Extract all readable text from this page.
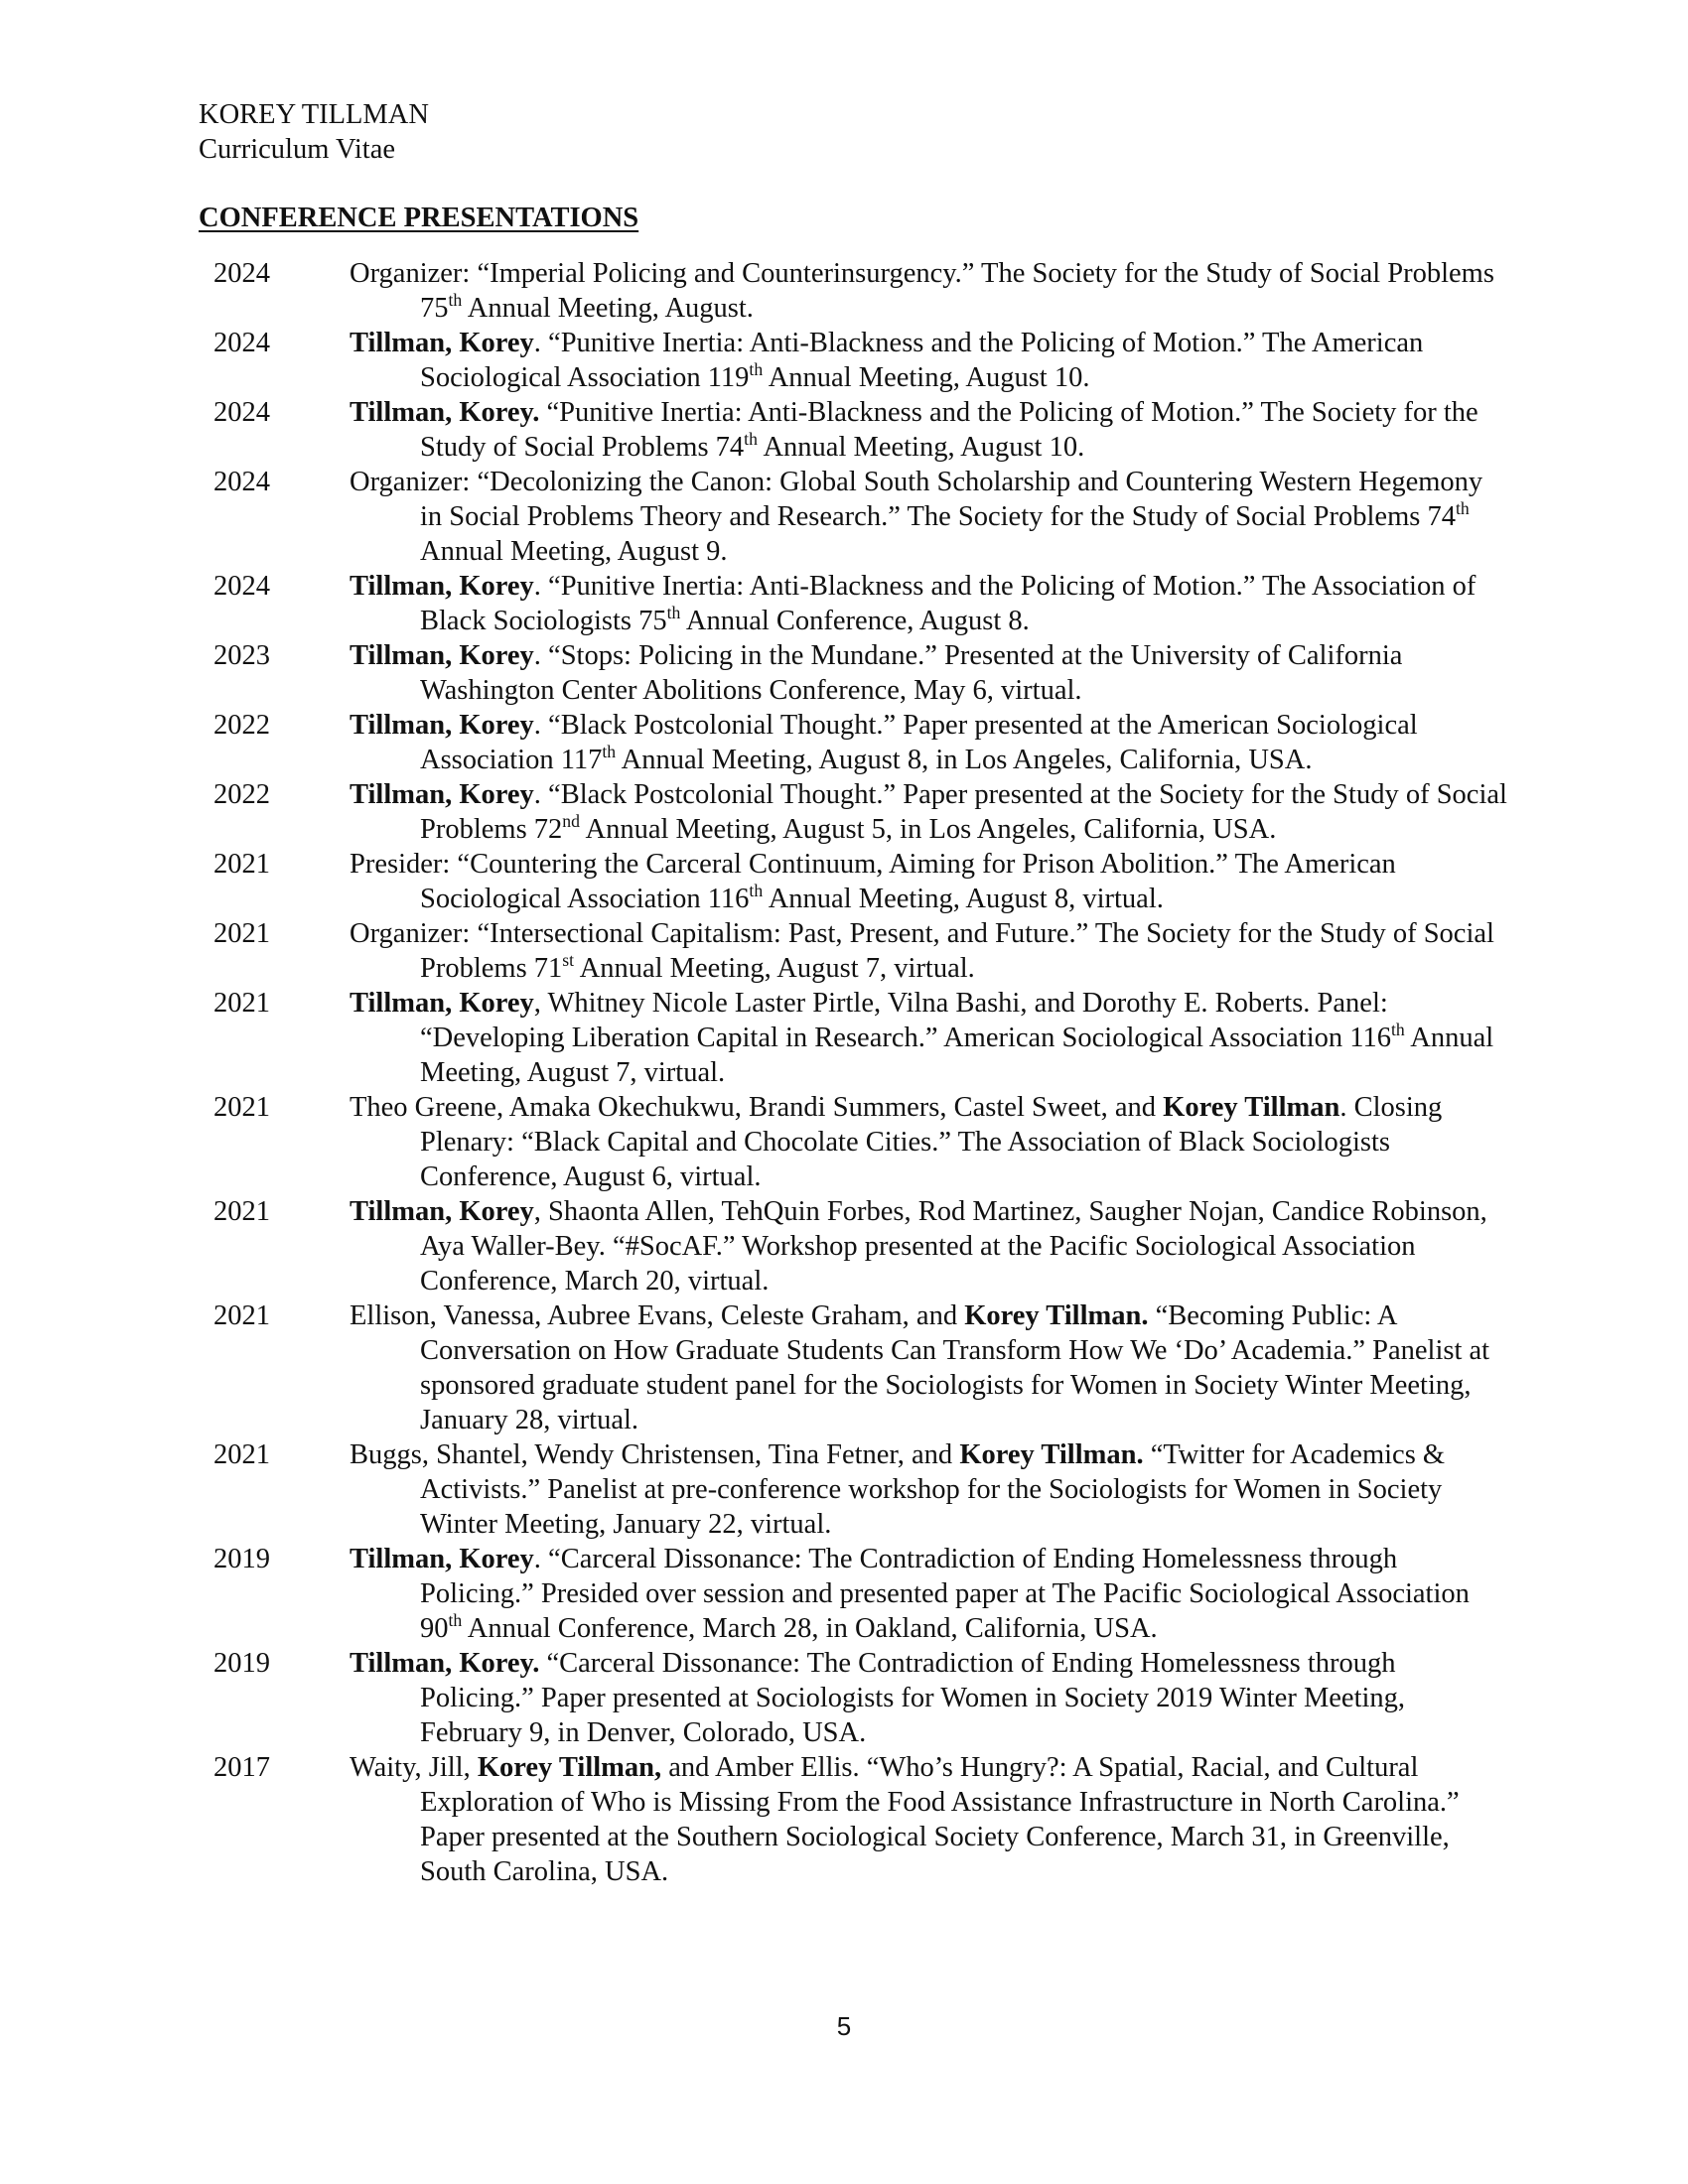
KOREY TILLMAN
Curriculum Vitae
CONFERENCE PRESENTATIONS
2024	Organizer: “Imperial Policing and Counterinsurgency.” The Society for the Study of Social Problems 75th Annual Meeting, August.
2024	Tillman, Korey. “Punitive Inertia: Anti-Blackness and the Policing of Motion.” The American Sociological Association 119th Annual Meeting, August 10.
2024	Tillman, Korey. “Punitive Inertia: Anti-Blackness and the Policing of Motion.” The Society for the Study of Social Problems 74th Annual Meeting, August 10.
2024	Organizer: “Decolonizing the Canon: Global South Scholarship and Countering Western Hegemony in Social Problems Theory and Research.” The Society for the Study of Social Problems 74th Annual Meeting, August 9.
2024	Tillman, Korey. “Punitive Inertia: Anti-Blackness and the Policing of Motion.” The Association of Black Sociologists 75th Annual Conference, August 8.
2023	Tillman, Korey. “Stops: Policing in the Mundane.” Presented at the University of California Washington Center Abolitions Conference, May 6, virtual.
2022	Tillman, Korey. “Black Postcolonial Thought.” Paper presented at the American Sociological Association 117th Annual Meeting, August 8, in Los Angeles, California, USA.
2022	Tillman, Korey. “Black Postcolonial Thought.” Paper presented at the Society for the Study of Social Problems 72nd Annual Meeting, August 5, in Los Angeles, California, USA.
2021	Presider: “Countering the Carceral Continuum, Aiming for Prison Abolition.” The American Sociological Association 116th Annual Meeting, August 8, virtual.
2021	Organizer: “Intersectional Capitalism: Past, Present, and Future.” The Society for the Study of Social Problems 71st Annual Meeting, August 7, virtual.
2021	Tillman, Korey, Whitney Nicole Laster Pirtle, Vilna Bashi, and Dorothy E. Roberts. Panel: “Developing Liberation Capital in Research.” American Sociological Association 116th Annual Meeting, August 7, virtual.
2021	Theo Greene, Amaka Okechukwu, Brandi Summers, Castel Sweet, and Korey Tillman. Closing Plenary: “Black Capital and Chocolate Cities.” The Association of Black Sociologists Conference, August 6, virtual.
2021	Tillman, Korey, Shaonta Allen, TehQuin Forbes, Rod Martinez, Saugher Nojan, Candice Robinson, Aya Waller-Bey. “#SocAF.” Workshop presented at the Pacific Sociological Association Conference, March 20, virtual.
2021	Ellison, Vanessa, Aubree Evans, Celeste Graham, and Korey Tillman. “Becoming Public: A Conversation on How Graduate Students Can Transform How We ‘Do’ Academia.” Panelist at sponsored graduate student panel for the Sociologists for Women in Society Winter Meeting, January 28, virtual.
2021	Buggs, Shantel, Wendy Christensen, Tina Fetner, and Korey Tillman. “Twitter for Academics & Activists.” Panelist at pre-conference workshop for the Sociologists for Women in Society Winter Meeting, January 22, virtual.
2019	Tillman, Korey. “Carceral Dissonance: The Contradiction of Ending Homelessness through Policing.” Presided over session and presented paper at The Pacific Sociological Association 90th Annual Conference, March 28, in Oakland, California, USA.
2019	Tillman, Korey. “Carceral Dissonance: The Contradiction of Ending Homelessness through Policing.” Paper presented at Sociologists for Women in Society 2019 Winter Meeting, February 9, in Denver, Colorado, USA.
2017	Waity, Jill, Korey Tillman, and Amber Ellis. “Who’s Hungry?: A Spatial, Racial, and Cultural Exploration of Who is Missing From the Food Assistance Infrastructure in North Carolina.” Paper presented at the Southern Sociological Society Conference, March 31, in Greenville, South Carolina, USA.
5
